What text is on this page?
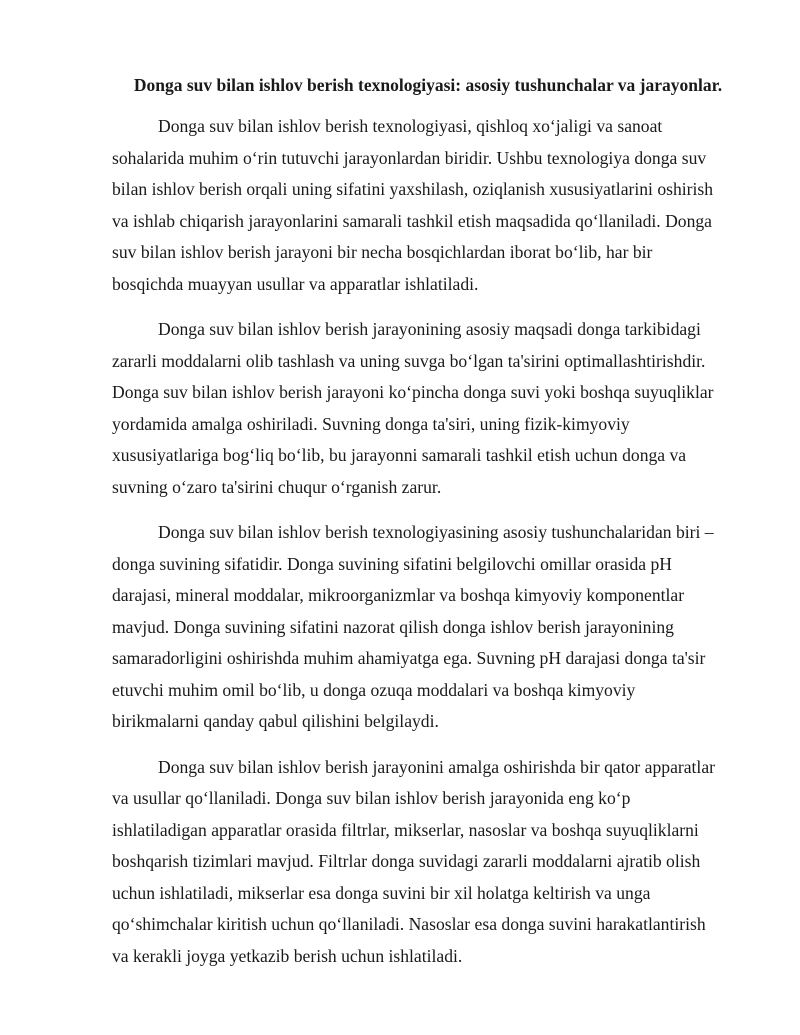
Donga suv bilan ishlov berish texnologiyasi: asosiy tushunchalar va jarayonlar.

Donga suv bilan ishlov berish texnologiyasi, qishloq xo‘jaligi va sanoat
sohalarida muhim o‘rin tutuvchi jarayonlardan biridir. Ushbu texnologiya donga suv
bilan ishlov berish orqali uning sifatini yaxshilash, oziqlanish xususiyatlarini oshirish
va ishlab chiqarish jarayonlarini samarali tashkil etish maqsadida qo‘llaniladi. Donga
suv bilan ishlov berish jarayoni bir necha bosqichlardan iborat bo‘lib, har bir
bosqichda muayyan usullar va apparatlar ishlatiladi.

Donga suv bilan ishlov berish jarayonining asosiy maqsadi donga tarkibidagi
zararli moddalarni olib tashlash va uning suvga bo‘lgan ta'sirini optimallashtirishdir.
Donga suv bilan ishlov berish jarayoni ko‘pincha donga suvi yoki boshqa suyuqliklar
yordamida amalga oshiriladi. Suvning donga ta'siri, uning fizik-kimyoviy
xususiyatlariga bog‘liq bo‘lib, bu jarayonni samarali tashkil etish uchun donga va
suvning o‘zaro ta'sirini chuqur o‘rganish zarur.

Donga suv bilan ishlov berish texnologiyasining asosiy tushunchalaridan biri –
donga suvining sifatidir. Donga suvining sifatini belgilovchi omillar orasida pH
darajasi, mineral moddalar, mikroorganizmlar va boshqa kimyoviy komponentlar
mavjud. Donga suvining sifatini nazorat qilish donga ishlov berish jarayonining
samaradorligini oshirishda muhim ahamiyatga ega. Suvning pH darajasi donga ta'sir
etuvchi muhim omil bo‘lib, u donga ozuqa moddalari va boshqa kimyoviy
birikmalarni qanday qabul qilishini belgilaydi.

Donga suv bilan ishlov berish jarayonini amalga oshirishda bir qator apparatlar
va usullar qo‘llaniladi. Donga suv bilan ishlov berish jarayonida eng ko‘p
ishlatiladigan apparatlar orasida filtrlar, mikserlar, nasoslar va boshqa suyuqliklarni
boshqarish tizimlari mavjud. Filtrlar donga suvidagi zararli moddalarni ajratib olish
uchun ishlatiladi, mikserlar esa donga suvini bir xil holatga keltirish va unga
qo‘shimchalar kiritish uchun qo‘llaniladi. Nasoslar esa donga suvini harakatlantirish
va kerakli joyga yetkazib berish uchun ishlatiladi.
